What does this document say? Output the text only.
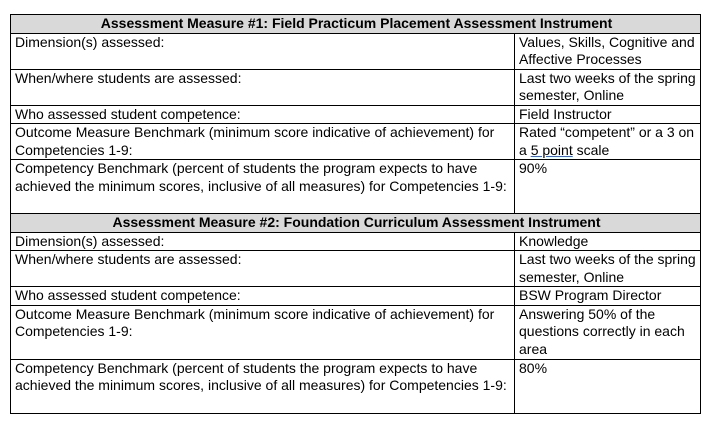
Assessment Measure #1: Field Practicum Placement Assessment Instrument	
Dimension(s) assessed:	Values, Skills, Cognitive and Affective Processes
When/where students are assessed:	Last two weeks of the spring semester, Online
Who assessed student competence:	Field Instructor
Outcome Measure Benchmark (minimum score indicative of achievement) for Competencies 1-9:	Rated “competent” or a 3 on a 5 point scale
Competency Benchmark (percent of students the program expects to have achieved the minimum scores, inclusive of all measures) for Competencies 1-9:	90%
Assessment Measure #2: Foundation Curriculum Assessment Instrument	
Dimension(s) assessed:	Knowledge
When/where students are assessed:	Last two weeks of the spring semester, Online
Who assessed student competence:	BSW Program Director
Outcome Measure Benchmark (minimum score indicative of achievement) for Competencies 1-9:	Answering 50% of the questions correctly in each area
Competency Benchmark (percent of students the program expects to have achieved the minimum scores, inclusive of all measures) for Competencies 1-9:	80%
